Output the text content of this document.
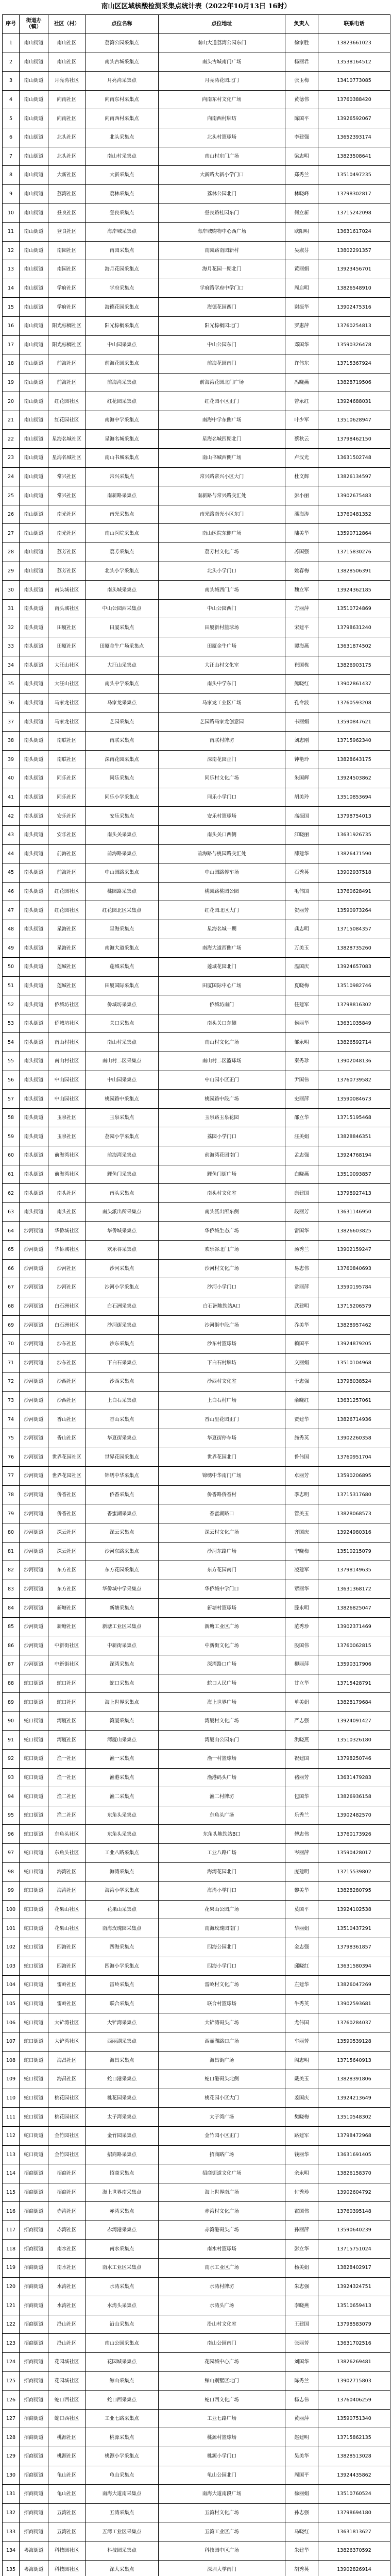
南山区区域核酸检测采集点统计表（2022年10月13日 16时）
序号	街道办（镇）	社区（村）	点位名称	点位地址	负责人	联系电话
1	南山街道	南山社区	荔湾公园采集点	南山大道荔湾公园东门	徐家胜	13823661023
2	南山街道	南山社区	南头古城采集点	南头古城南门广场	杨丽君	13538164512
3	南山街道	月亮湾社区	月亮湾采集点	月亮湾花园北门	张玉梅	13410773085
4	南山街道	向南社区	向南东村采集点	向南东村文化广场	黄德伟	13760388420
5	南山街道	向南社区	向南西村采集点	向南西村牌坊	陈国平	13926592067
6	南山街道	北头社区	北头采集点	北头村篮球场	李建强	13652393174
7	南山街道	北头社区	南山村采集点	南山村东门广场	梁志明	13823508641
8	南山街道	大新社区	大新采集点	大新路大新小学门口	郑秀兰	13510497235
9	南山街道	荔湾社区	荔林采集点	荔林公园北门	林晓峰	13798302817
10	南山街道	登良社区	登良采集点	登良路桂园东门	何立新	13715242098
11	南山街道	登良社区	海岸城采集点	海岸城购物中心西广场	欧阳明	13631617024
12	南山街道	南园社区	南园采集点	南园路南园新村	吴淑芬	13802291357
13	南山街道	南园社区	海月花园采集点	海月花园一期北门	黄丽娟	13923456701
14	南山街道	学府社区	学府采集点	学府路学府中学门口	周启明	13826548910
15	南山街道	学府社区	海德花园采集点	海德花园西门	谢振华	13902475316
16	南山街道	阳光棕榈社区	阳光棕榈采集点	阳光棕榈园北门	罗惠萍	13760254813
17	南山街道	阳光棕榈社区	中山园采集点	中山公园东门	邓国华	13590326478
18	南山街道	前海社区	前海花园采集点	前海花园南门	许伟东	13715367924
19	南山街道	前海社区	前海湾采集点	前海湾花园北门广场	冯晓燕	13828719506
20	南山街道	红花园社区	红花园采集点	红花园小区正门	曾永红	13924688031
21	南山街道	红花园社区	南海中学采集点	南海中学东侧广场	叶少军	13510628947
22	南山街道	星海名城社区	星海名城采集点	星海名城四期北门	蔡秋云	13798462150
23	南山街道	星海名城社区	南山书城采集点	南山书城西侧广场	卢汉光	13631502748
24	南山街道	常兴社区	常兴采集点	常兴路常兴小区大门	杜文辉	13826134597
25	南山街道	常兴社区	南新路采集点	南新路与常兴路交汇处	彭小丽	13902675483
26	南山街道	南光社区	南光采集点	南光路南光小区东门	潘海涛	13760481352
27	南山街道	南光社区	南山医院采集点	南山医院东侧广场	陆美华	13590712864
28	南山街道	荔芳社区	荔芳采集点	荔芳村文化广场	苏国强	13715830276
29	南山街道	荔芳社区	北头小学采集点	北头小学门口	姚春梅	13828506391
30	南头街道	南头城社区	南头城采集点	南头城西门广场	魏立军	13924362185
31	南头街道	南头城社区	中山公园西采集点	中山公园西门	方丽萍	13510724869
32	南头街道	田厦社区	田厦采集点	田厦新村篮球场	宋建平	13798631240
33	南头街道	田厦社区	田厦金牛广场采集点	田厦金牛广场	谭海燕	13631874502
34	南头街道	大汪山社区	大汪山采集点	大汪山村文化室	崔国栋	13826903175
35	南头街道	大汪山社区	南头中学采集点	南头中学东门	熊晓红	13902861437
36	南头街道	马家龙社区	马家龙采集点	马家龙工业区广场	孔令波	13760593208
37	南头街道	马家龙社区	艺园采集点	艺园路马家龙创意园	韦丽娟	13590847621
38	南头街道	南联社区	南联采集点	南联村牌坊	刘志刚	13715962340
39	南头街道	南联社区	深南花园采集点	深南花园正门	钟艳玲	13828643175
40	南头街道	同乐社区	同乐采集点	同乐村文化广场	朱国辉	13924503862
41	南头街道	同乐社区	同乐小学采集点	同乐小学门口	胡美玲	13510853694
42	南头街道	安乐社区	安乐采集点	安乐村篮球场	高振国	13798754013
43	南头街道	安乐社区	南头关采集点	南头关口西侧	江晓丽	13631926735
44	南头街道	前海社区	前海路采集点	前海路与桃园路交汇处	薛建华	13826471590
45	南头街道	前海社区	中山园路采集点	中山园路停车场	石秀英	13902937518
46	南头街道	红花园社区	桃园路采集点	桃园路桃园公园	毛伟国	13760628491
47	南头街道	红花园社区	红花园北区采集点	红花园北区大门	贺丽芳	13590973264
48	南头街道	星海社区	星海采集点	星海名城一期	龚志明	13715084357
49	南头街道	星海社区	南海大道采集点	南海大道西侧广场	万美玉	13828735260
50	南头街道	莲城社区	莲城采集点	莲城花园北门	温国庆	13924657083
51	南头街道	莲城社区	田厦国际采集点	田厦国际中心广场	夏晓梅	13510982746
52	南头街道	侨城坊社区	侨城坊采集点	侨城坊南门	任建军	13798816302
53	南头街道	侨城坊社区	关口采集点	南头关口东侧	侯丽华	13631035849
54	南头街道	南山村社区	南山村采集点	南山村文化广场	邹永明	13826592714
55	南头街道	南山村社区	南山村二区采集点	南山村二区篮球场	秦秀珍	13902048136
56	南头街道	中山园社区	中山园采集点	中山园小区正门	尹国伟	13760739582
57	南头街道	中山园社区	桃园路中采集点	桃园路中段广场	史丽萍	13590084673
58	南头街道	玉泉社区	玉泉采集点	玉泉路玉泉花园	邵立华	13715195468
59	南头街道	玉泉社区	荔园小学采集点	荔园小学门口	汪美娟	13828846351
60	南头街道	前海湾社区	前海湾采集点	前海湾花园南门	孟志强	13924768194
61	南头街道	前海湾社区	鲤鱼门采集点	鲤鱼门街广场	白晓燕	13510093857
62	南头街道	南头社区	南头采集点	南头村文化室	康建国	13798927413
63	南头街道	南头社区	南头派出所采集点	南头派出所东侧	段丽芳	13631146950
64	沙河街道	华侨城社区	华侨城采集点	华侨城生态广场	雷国华	13826603825
65	沙河街道	华侨城社区	欢乐谷采集点	欢乐谷北门广场	汤秀兰	13902159247
66	沙河街道	沙河社区	沙河采集点	沙河村文化广场	易志伟	13760840693
67	沙河街道	沙河社区	沙河小学采集点	沙河小学门口	常丽萍	13590195784
68	沙河街道	白石洲社区	白石洲采集点	白石洲地铁站A口	武建明	13715206579
69	沙河街道	白石洲社区	沙河街采集点	沙河街中段广场	乔美华	13828957462
70	沙河街道	沙东社区	沙东采集点	沙东村篮球场	赖国平	13924879205
71	沙河街道	沙东社区	下白石采集点	下白石村牌坊	文丽娟	13510104968
72	沙河街道	沙西社区	沙西采集点	沙西村文化室	于志强	13798038524
73	沙河街道	沙西社区	上白石采集点	上白石村广场	俞晓红	13631257061
74	沙河街道	香山社区	香山采集点	香山里花园正门	贾建华	13826714936
75	沙河街道	香山社区	华夏街采集点	华夏街停车场	施秀英	13902260358
76	沙河街道	世界花园社区	世界花园采集点	世界花园北门	鲁伟国	13760951704
77	沙河街道	世界花园社区	锦绣中华采集点	锦绣中华南门广场	卓丽芳	13590206895
78	沙河街道	侨香社区	侨香采集点	侨香路侨香村	季志明	13715317680
79	沙河街道	侨香社区	香蜜湖采集点	香蜜湖路口	管美玉	13828068573
80	沙河街道	深云社区	深云采集点	深云村文化广场	齐国庆	13924980316
81	沙河街道	深云社区	沙河东路采集点	沙河东路广场	宁晓梅	13510215079
82	沙河街道	东方社区	东方花园采集点	东方花园南门	凌建军	13798149635
83	沙河街道	东方社区	华侨城中学采集点	华侨城中学门口	覃丽华	13631368172
84	沙河街道	新塘社区	新塘采集点	新塘村篮球场	滕永明	13826825047
85	沙河街道	新塘社区	新塘工业区采集点	新塘工业区广场	范秀珍	13902371469
86	沙河街道	中新街社区	中新街采集点	中新街文化广场	殷国伟	13760062815
87	沙河街道	中新街社区	深湾采集点	深湾路口广场	柳丽萍	13590317906
88	蛇口街道	蛇口社区	蛇口采集点	蛇口人民广场	甘立华	13715428791
89	蛇口街道	蛇口社区	海上世界采集点	海上世界广场	单美娟	13828179684
90	蛇口街道	湾厦社区	湾厦采集点	湾厦村文化广场	严志强	13924091427
91	蛇口街道	湾厦社区	湾厦山采集点	湾厦山公园东门	洪晓燕	13510326180
92	蛇口街道	渔一社区	渔一采集点	渔一村篮球场	祝建国	13798250746
93	蛇口街道	渔一社区	渔港采集点	渔港码头广场	褚丽芳	13631479283
94	蛇口街道	渔二社区	渔二采集点	渔二村牌坊	包国华	13826936158
95	蛇口街道	渔二社区	东角头采集点	东角头广场	乐秀兰	13902482570
96	蛇口街道	东角头社区	东角头采集点	东角头地铁站B口	傅志伟	13760173926
97	蛇口街道	东角头社区	工业八路采集点	工业八路广场	岑丽萍	13590428017
98	蛇口街道	海湾社区	海湾采集点	海湾花园北门	庞建明	13715539802
99	蛇口街道	海湾社区	海湾小学采集点	海湾小学门口	黎美华	13828280795
100	蛇口街道	花果山社区	花果山采集点	花果山公园广场	莫国平	13924102538
101	蛇口街道	花果山社区	南海玫瑰园采集点	南海玫瑰园南门	华丽娟	13510437291
102	蛇口街道	四海社区	四海采集点	四海公园北门	金志强	13798361857
103	蛇口街道	四海社区	四海小学采集点	四海小学门口	邱晓红	13631580394
104	蛇口街道	雷岭社区	雷岭采集点	雷岭村文化广场	左建华	13826047269
105	蛇口街道	雷岭社区	联合采集点	联合村篮球场	牛秀英	13902593681
106	蛇口街道	大铲湾社区	大铲湾采集点	大铲湾码头广场	尤伟国	13760284037
107	蛇口街道	大铲湾社区	西丽湖采集点	西丽湖路口广场	车丽芳	13590539128
108	蛇口街道	海昌社区	海昌采集点	海昌街广场	阎志明	13715640913
109	蛇口街道	海昌社区	蛇口港采集点	蛇口港码头北侧	戴美玉	13828391806
110	蛇口街道	桃花园社区	桃花园采集点	桃花园小区大门	姜国庆	13924213649
111	蛇口街道	桃花园社区	太子湾采集点	太子湾广场	樊晓梅	13510548302
112	蛇口街道	金竹园社区	金竹园采集点	金竹园小区正门	路建军	13798472968
113	蛇口街道	金竹园社区	招商路采集点	招商路广场	钱丽华	13631691405
114	招商街道	招商社区	招商采集点	招商街道文化广场	余永明	13826158370
115	招商街道	招商社区	海上世界南采集点	海上世界南广场	付秀珍	13902604792
116	招商街道	赤湾社区	赤湾采集点	赤湾村文化广场	霍国伟	13760395148
117	招商街道	赤湾社区	赤湾港采集点	赤湾港码头广场	孙丽萍	13590640239
118	招商街道	南水社区	南水采集点	南水村篮球场	彭立华	13715751024
119	招商街道	南水社区	南水工业区采集点	南水工业区广场	杨美娟	13828402917
120	招商街道	水湾社区	水湾采集点	水湾村牌坊	朱志强	13924324751
121	招商街道	水湾社区	水湾头采集点	水湾头广场	李晓燕	13510659413
122	招商街道	沿山社区	沿山采集点	沿山村文化室	王建国	13798583079
123	招商街道	沿山社区	南山公园采集点	南山公园南门	张丽芳	13631702516
124	招商街道	花园城社区	花园城采集点	花园城中心广场	刘国华	13826269481
125	招商街道	花园城社区	鲸山采集点	鲸山别墅区北门	陈秀兰	13902715803
126	招商街道	蛇口西社区	蛇口西采集点	蛇口西文化广场	杨志伟	13760406259
127	招商街道	蛇口西社区	工业七路采集点	工业七路广场	黄丽萍	13590751340
128	招商街道	桃源社区	桃源采集点	桃源村篮球场	赵建明	13715862135
129	招商街道	桃源社区	桃源小学采集点	桃源小学门口	吴美华	13828513028
130	招商街道	龟山社区	龟山采集点	龟山公园北门	周国平	13924435862
131	招商街道	龟山社区	南海大道南采集点	南海大道南段广场	徐丽娟	13510760524
132	招商街道	五湾社区	五湾采集点	五湾村文化广场	孙志强	13798694180
133	招商街道	五湾社区	五湾工业区采集点	五湾工业区广场	马晓红	13631813627
134	粤海街道	科技园社区	科技园采集点	科技园中区广场	朱建华	13826370592
135	粤海街道	科技园社区	深大采集点	深圳大学南门	胡秀英	13902826914
